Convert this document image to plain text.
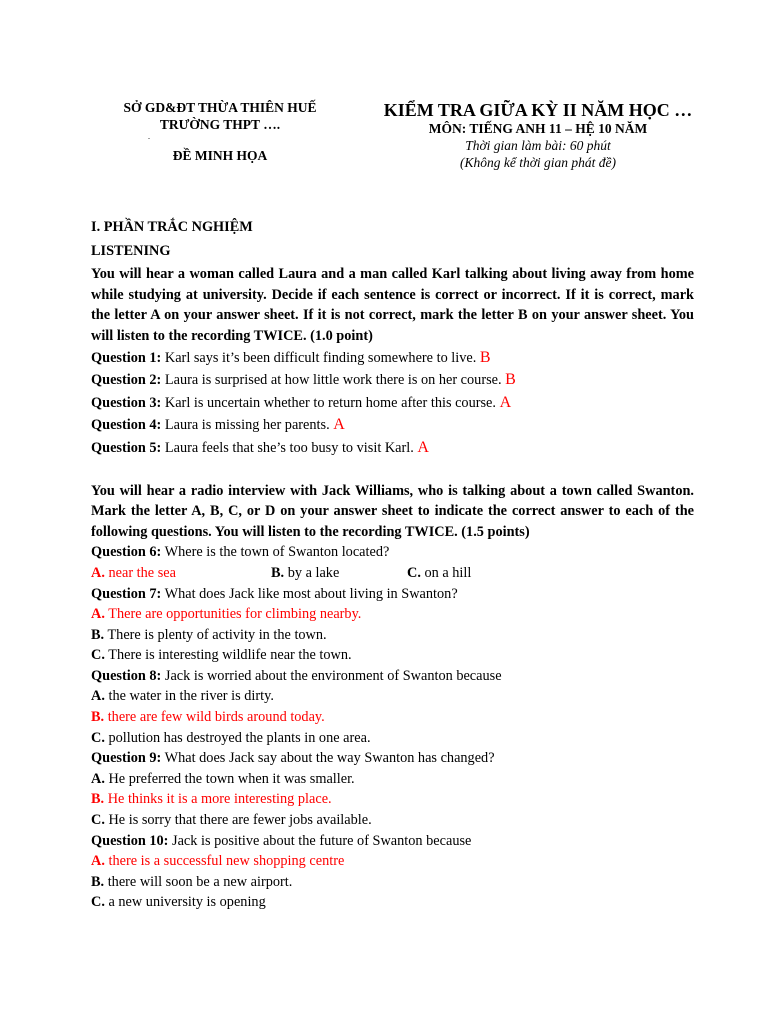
SỞ GD&ĐT THỪA THIÊN HUẾ
TRƯỜNG THPT ….
.
ĐỀ MINH HỌA
KIỂM TRA GIỮA KỲ II NĂM HỌC …
MÔN: TIẾNG ANH 11 – HỆ 10 NĂM
Thời gian làm bài: 60 phút
(Không kể thời gian phát đề)
I. PHẦN TRẮC NGHIỆM
LISTENING
You will hear a woman called Laura and a man called Karl talking about living away from home while studying at university. Decide if each sentence is correct or incorrect. If it is correct, mark the letter A on your answer sheet. If it is not correct, mark the letter B on your answer sheet. You will listen to the recording TWICE. (1.0 point)
Question 1: Karl says it’s been difficult finding somewhere to live. B
Question 2: Laura is surprised at how little work there is on her course. B
Question 3: Karl is uncertain whether to return home after this course. A
Question 4: Laura is missing her parents. A
Question 5: Laura feels that she’s too busy to visit Karl. A
You will hear a radio interview with Jack Williams, who is talking about a town called Swanton. Mark the letter A, B, C, or D on your answer sheet to indicate the correct answer to each of the following questions. You will listen to the recording TWICE. (1.5 points)
Question 6: Where is the town of Swanton located?
A. near the sea	B. by a lake	C. on a hill
Question 7: What does Jack like most about living in Swanton?
A. There are opportunities for climbing nearby.
B. There is plenty of activity in the town.
C. There is interesting wildlife near the town.
Question 8: Jack is worried about the environment of Swanton because
A. the water in the river is dirty.
B. there are few wild birds around today.
C. pollution has destroyed the plants in one area.
Question 9: What does Jack say about the way Swanton has changed?
A. He preferred the town when it was smaller.
B. He thinks it is a more interesting place.
C. He is sorry that there are fewer jobs available.
Question 10: Jack is positive about the future of Swanton because
A. there is a successful new shopping centre
B. there will soon be a new airport.
C. a new university is opening
